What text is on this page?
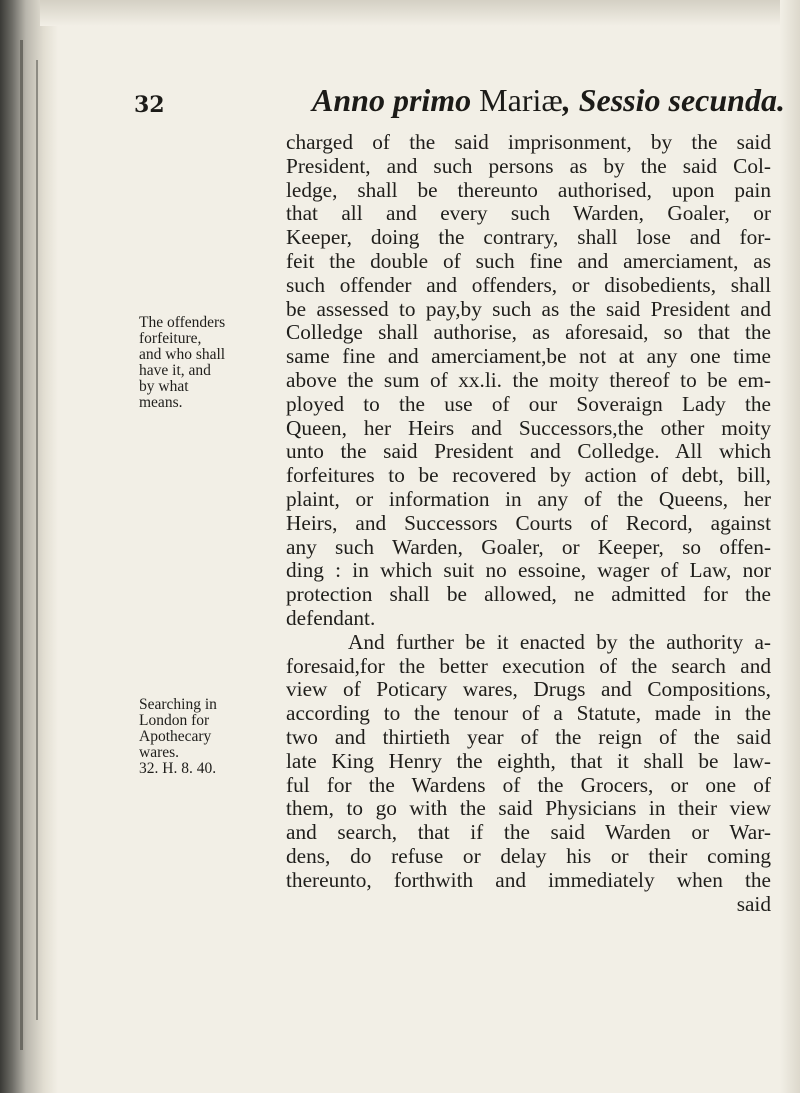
32	Anno primo Mariæ, Sessio secunda.
The offenders
forfeiture,
and who shall
have it, and
by what
means.
Searching in
London for
Apothecary
wares.
32. H. 8. 40.
charged of the said imprisonment, by the said
President, and such persons as by the said Col-
ledge, shall be thereunto authorised, upon pain
that all and every such Warden, Goaler, or
Keeper, doing the contrary, shall lose and for-
feit the double of such fine and amerciament, as
such offender and offenders, or disobedients, shall
be assessed to pay,by such as the said President and
Colledge shall authorise, as aforesaid, so that the
same fine and amerciament,be not at any one time
above the sum of xx.li. the moity thereof to be em-
ployed to the use of our Soveraign Lady the
Queen, her Heirs and Successors,the other moity
unto the said President and Colledge. All which
forfeitures to be recovered by action of debt, bill,
plaint, or information in any of the Queens, her
Heirs, and Successors Courts of Record, against
any such Warden, Goaler, or Keeper, so offen-
ding : in which suit no essoine, wager of Law, nor
protection shall be allowed, ne admitted for the
defendant.
And further be it enacted by the authority a-
foresaid,for the better execution of the search and
view of Poticary wares, Drugs and Compositions,
according to the tenour of a Statute, made in the
two and thirtieth year of the reign of the said
late King Henry the eighth, that it shall be law-
ful for the Wardens of the Grocers, or one of
them, to go with the said Physicians in their view
and search, that if the said Warden or War-
dens, do refuse or delay his or their coming
thereunto, forthwith and immediately when the
said
